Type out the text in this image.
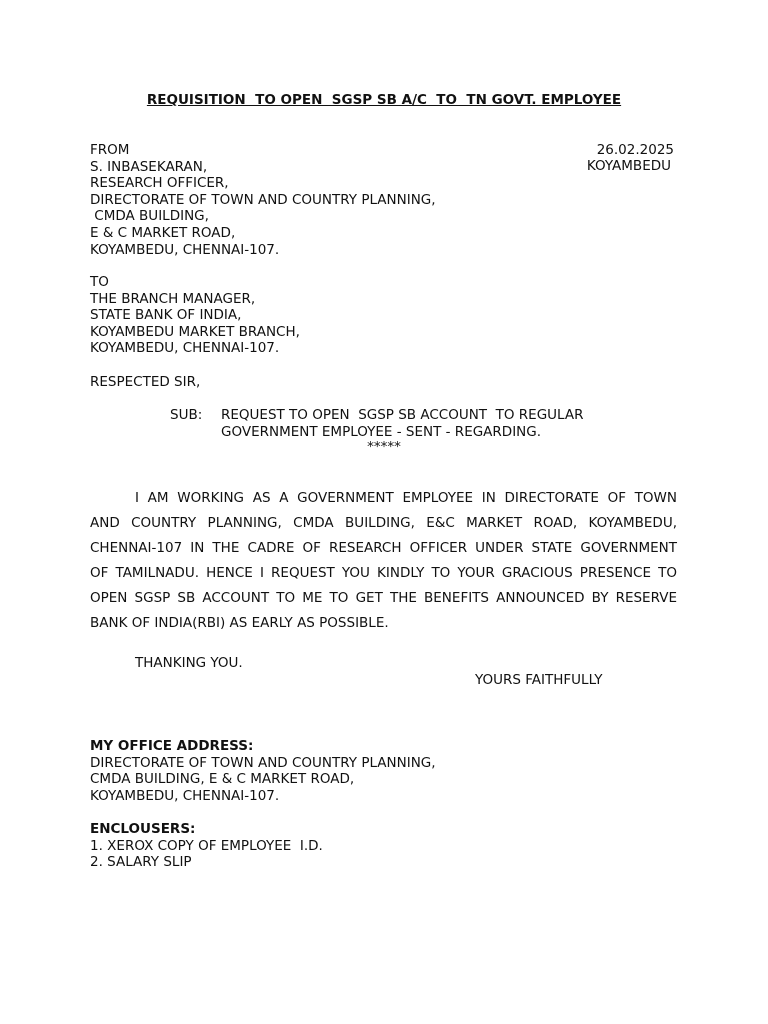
REQUISITION  TO OPEN  SGSP SB A/C  TO  TN GOVT. EMPLOYEE
FROM
S. INBASEKARAN,
RESEARCH OFFICER,
DIRECTORATE OF TOWN AND COUNTRY PLANNING,
CMDA BUILDING,
E & C MARKET ROAD,
KOYAMBEDU, CHENNAI-107.
26.02.2025
KOYAMBEDU
TO
THE BRANCH MANAGER,
STATE BANK OF INDIA,
KOYAMBEDU MARKET BRANCH,
KOYAMBEDU, CHENNAI-107.
RESPECTED SIR,
SUB: REQUEST TO OPEN  SGSP SB ACCOUNT  TO REGULAR
GOVERNMENT EMPLOYEE - SENT - REGARDING.
*****
I AM WORKING AS A GOVERNMENT EMPLOYEE IN DIRECTORATE OF TOWN
AND COUNTRY PLANNING, CMDA BUILDING, E&C MARKET ROAD, KOYAMBEDU,
CHENNAI-107 IN THE CADRE OF RESEARCH OFFICER UNDER STATE GOVERNMENT
OF TAMILNADU. HENCE I REQUEST YOU KINDLY TO YOUR GRACIOUS PRESENCE TO
OPEN SGSP SB ACCOUNT TO ME TO GET THE BENEFITS ANNOUNCED BY RESERVE
BANK OF INDIA(RBI) AS EARLY AS POSSIBLE.
THANKING YOU.
YOURS FAITHFULLY
MY OFFICE ADDRESS:
DIRECTORATE OF TOWN AND COUNTRY PLANNING,
CMDA BUILDING, E & C MARKET ROAD,
KOYAMBEDU, CHENNAI-107.
ENCLOUSERS:
1. XEROX COPY OF EMPLOYEE  I.D.
2. SALARY SLIP
